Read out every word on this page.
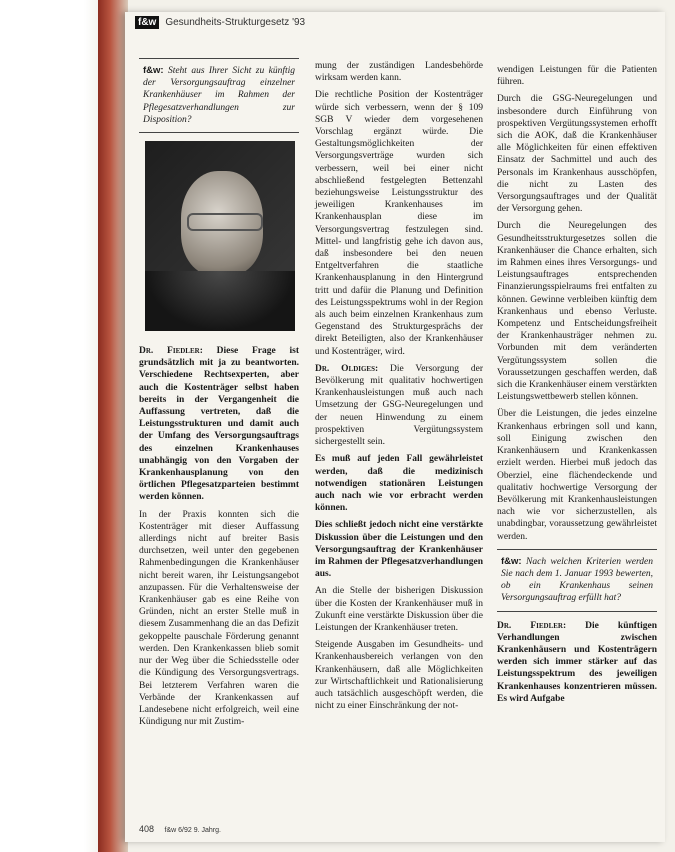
f&w Gesundheits-Strukturgesetz '93
f&w: Steht aus Ihrer Sicht zu künftig der Versorgungsauftrag einzelner Krankenhäuser im Rahmen der Pflegesatzverhandlungen zur Disposition?

Dr. Fiedler: Diese Frage ist grundsätzlich mit ja zu beantworten. Verschiedene Rechtsexperten, aber auch die Kostenträger selbst haben bereits in der Vergangenheit die Auffassung vertreten, daß die Leistungsstrukturen und damit auch der Umfang des Versorgungsauftrags des einzelnen Krankenhauses unabhängig von den Vorgaben der Krankenhausplanung von den örtlichen Pflegesatzparteien bestimmt werden können.

In der Praxis konnten sich die Kostenträger mit dieser Auffassung allerdings nicht auf breiter Basis durchsetzen, weil unter den gegebenen Rahmenbedingungen die Krankenhäuser nicht bereit waren, ihr Leistungsangebot anzupassen. Für die Verhaltensweise der Krankenhäuser gab es eine Reihe von Gründen, nicht an erster Stelle muß in diesem Zusammenhang die an das Defizit gekoppelte pauschale Förderung genannt werden. Den Krankenkassen blieb somit nur der Weg über die Schiedsstelle oder die Kündigung des Versorgungsvertrags. Bei letzterem Verfahren waren die Verbände der Krankenkassen auf Landesebene nicht erfolgreich, weil eine Kündigung nur mit Zustim-

mung der zuständigen Landesbehörde wirksam werden kann.

Die rechtliche Position der Kostenträger würde sich verbessern, wenn der § 109 SGB V wieder dem vorgesehenen Vorschlag ergänzt würde. Die Gestaltungsmöglichkeiten der Versorgungsverträge wurden sich verbessern, weil bei einer nicht abschließend festgelegten Bettenzahl beziehungsweise Leistungsstruktur des jeweiligen Krankenhauses im Krankenhausplan diese im Versorgungsvertrag festzulegen sind. Mittel- und langfristig gehe ich davon aus, daß insbesondere bei den neuen Entgeltverfahren die staatliche Krankenhausplanung in den Hintergrund tritt und dafür die Planung und Definition des Leistungsspektrums wohl in der Region als auch beim einzelnen Krankenhaus zum Gegenstand des Strukturgesprächs der direkt Beteiligten, also der Krankenhäuser und Kostenträger, wird.

Dr. Oldiges: Die Versorgung der Bevölkerung mit qualitativ hochwertigen Krankenhausleistungen muß auch nach Umsetzung der GSG-Neuregelungen und der neuen Hinwendung zu einem prospektiven Vergütungssystem sichergestellt sein.

Es muß auf jeden Fall gewährleistet werden, daß die medizinisch notwendigen stationären Leistungen auch nach wie vor erbracht werden können.

Dies schließt jedoch nicht eine verstärkte Diskussion über die Leistungen und den Versorgungsauftrag der Krankenhäuser im Rahmen der Pflegesatzverhandlungen aus.

An die Stelle der bisherigen Diskussion über die Kosten der Krankenhäuser muß in Zukunft eine verstärkte Diskussion über die Leistungen der Krankenhäuser treten.

Steigende Ausgaben im Gesundheits- und Krankenhausbereich verlangen von den Krankenhäusern, daß alle Möglichkeiten zur Wirtschaftlichkeit und Rationalisierung auch tatsächlich ausgeschöpft werden, die nicht zu einer Einschränkung der not-

wendigen Leistungen für die Patienten führen.

Durch die GSG-Neuregelungen und insbesondere durch Einführung von prospektiven Vergütungssystemen erhofft sich die AOK, daß die Krankenhäuser alle Möglichkeiten für einen effektiven Einsatz der Sachmittel und auch des Personals im Krankenhaus ausschöpfen, die nicht zu Lasten des Versorgungsauftrages und der Qualität der Versorgung gehen.

Durch die Neuregelungen des Gesundheitsstrukturgesetzes sollen die Krankenhäuser die Chance erhalten, sich im Rahmen eines ihres Versorgungs- und Leistungsauftrages entsprechenden Finanzierungsspielraums frei entfalten zu können. Gewinne verbleiben künftig dem Krankenhaus und ebenso Verluste. Kompetenz und Entscheidungsfreiheit der Krankenhausträger nehmen zu. Vorbunden mit dem veränderten Vergütungssystem sollen die Voraussetzungen geschaffen werden, daß sich die Krankenhäuser einem verstärkten Leistungswettbewerb stellen können.

Über die Leistungen, die jedes einzelne Krankenhaus erbringen soll und kann, soll Einigung zwischen den Krankenhäusern und Krankenkassen erzielt werden. Hierbei muß jedoch das Oberziel, eine flächendeckende und qualitativ hochwertige Versorgung der Bevölkerung mit Krankenhausleistungen nach wie vor sicherzustellen, als unabdingbar, voraussetzung gewährleistet werden.

f&w: Nach welchen Kriterien werden Sie nach dem 1. Januar 1993 bewerten, ob ein Krankenhaus seinen Versorgungsauftrag erfüllt hat?

Dr. Fiedler: Die künftigen Verhandlungen zwischen Krankenhäusern und Kostenträgern werden sich immer stärker auf das Leistungsspektrum des jeweiligen Krankenhauses konzentrieren müssen. Es wird Aufgabe

408 f&w 6/92 9. Jahrg.
